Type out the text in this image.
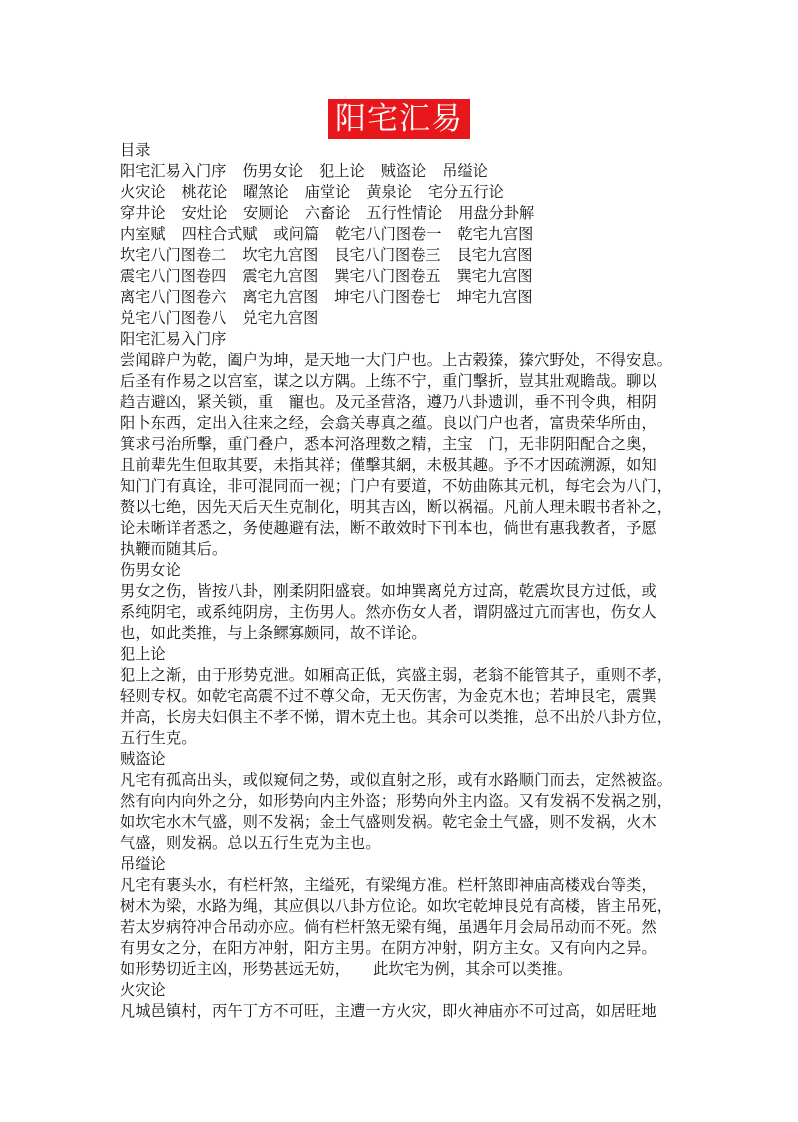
阳宅汇易
目录
阳宅汇易入门序 伤男女论 犯上论 贼盗论 吊缢论
火灾论 桃花论 曜煞论 庙堂论 黄泉论 宅分五行论
穿井论 安灶论 安厕论 六畜论 五行性情论 用盘分卦解
内室赋 四柱合式赋 或问篇 乾宅八门图卷一 乾宅九宫图
坎宅八门图卷二 坎宅九宫图 艮宅八门图卷三 艮宅九宫图
震宅八门图卷四 震宅九宫图 巽宅八门图卷五 巽宅九宫图
离宅八门图卷六 离宅九宫图 坤宅八门图卷七 坤宅九宫图
兑宅八门图卷八 兑宅九宫图
阳宅汇易入门序
尝闻辟户为乾，阖户为坤，是天地一大门户也。上古榖獉，獉穴野处，不得安息。
后圣有作易之以宫室，谋之以方隅。上练不宁，重门擊折，豈其壯观瞻哉。聊以
趋吉避凶，紧关锁，重　寵也。及元圣营洛，遵乃八卦遗训，垂不刊令典，相阴
阳卜东西，定出入往来之经，会翕关專真之蕴。良以门户也者，富贵荣华所由，
箕求弓治所擊，重门叠户，悉本河洛理数之精，主宝　门，无非阴阳配合之奥，
且前辈先生但取其要，未指其祥；僅擊其網，未极其趣。予不才因疏溯源，如知
知门门有真诠，非可混同而一视；门户有要道，不妨曲陈其元机，每宅会为八门，
赘以七绝，因先天后天生克制化，明其吉凶，断以祸福。凡前人理未暇书者补之，
论未晰详者悉之，务使趣避有法，断不敢效时下刊本也，倘世有惠我教者，予愿
执鞭而随其后。
伤男女论
男女之伤，皆按八卦，刚柔阴阳盛衰。如坤巽离兑方过高，乾震坎艮方过低，或
系纯阴宅，或系纯阴房，主伤男人。然亦伤女人者，谓阴盛过亢而害也，伤女人
也，如此类推，与上条鳏寡颇同，故不详论。
犯上论
犯上之渐，由于形势克泄。如厢高正低，宾盛主弱，老翁不能管其子，重则不孝，
轻则专权。如乾宅高震不过不尊父命，无天伤害，为金克木也；若坤艮宅，震巽
并高，长房夫妇俱主不孝不悌，谓木克土也。其余可以类推，总不出於八卦方位，
五行生克。
贼盗论
凡宅有孤高出头，或似窥伺之势，或似直射之形，或有水路顺门而去，定然被盗。
然有向内向外之分，如形势向内主外盗；形势向外主内盗。又有发祸不发祸之别，
如坎宅水木气盛，则不发祸；金土气盛则发祸。乾宅金土气盛，则不发祸，火木
气盛，则发祸。总以五行生克为主也。
吊缢论
凡宅有裹头水，有栏杆煞，主缢死，有梁绳方准。栏杆煞即神庙高楼戏台等类，
树木为梁，水路为绳，其应俱以八卦方位论。如坎宅乾坤艮兑有高楼，皆主吊死，
若太岁病符冲合吊动亦应。倘有栏杆煞无梁有绳，虽遇年月会局吊动而不死。然
有男女之分，在阳方冲射，阳方主男。在阴方冲射，阴方主女。又有向内之异。
如形势切近主凶，形势甚远无妨，　　此坎宅为例，其余可以类推。
火灾论
凡城邑镇村，丙午丁方不可旺，主遭一方火灾，即火神庙亦不可过高，如居旺地
